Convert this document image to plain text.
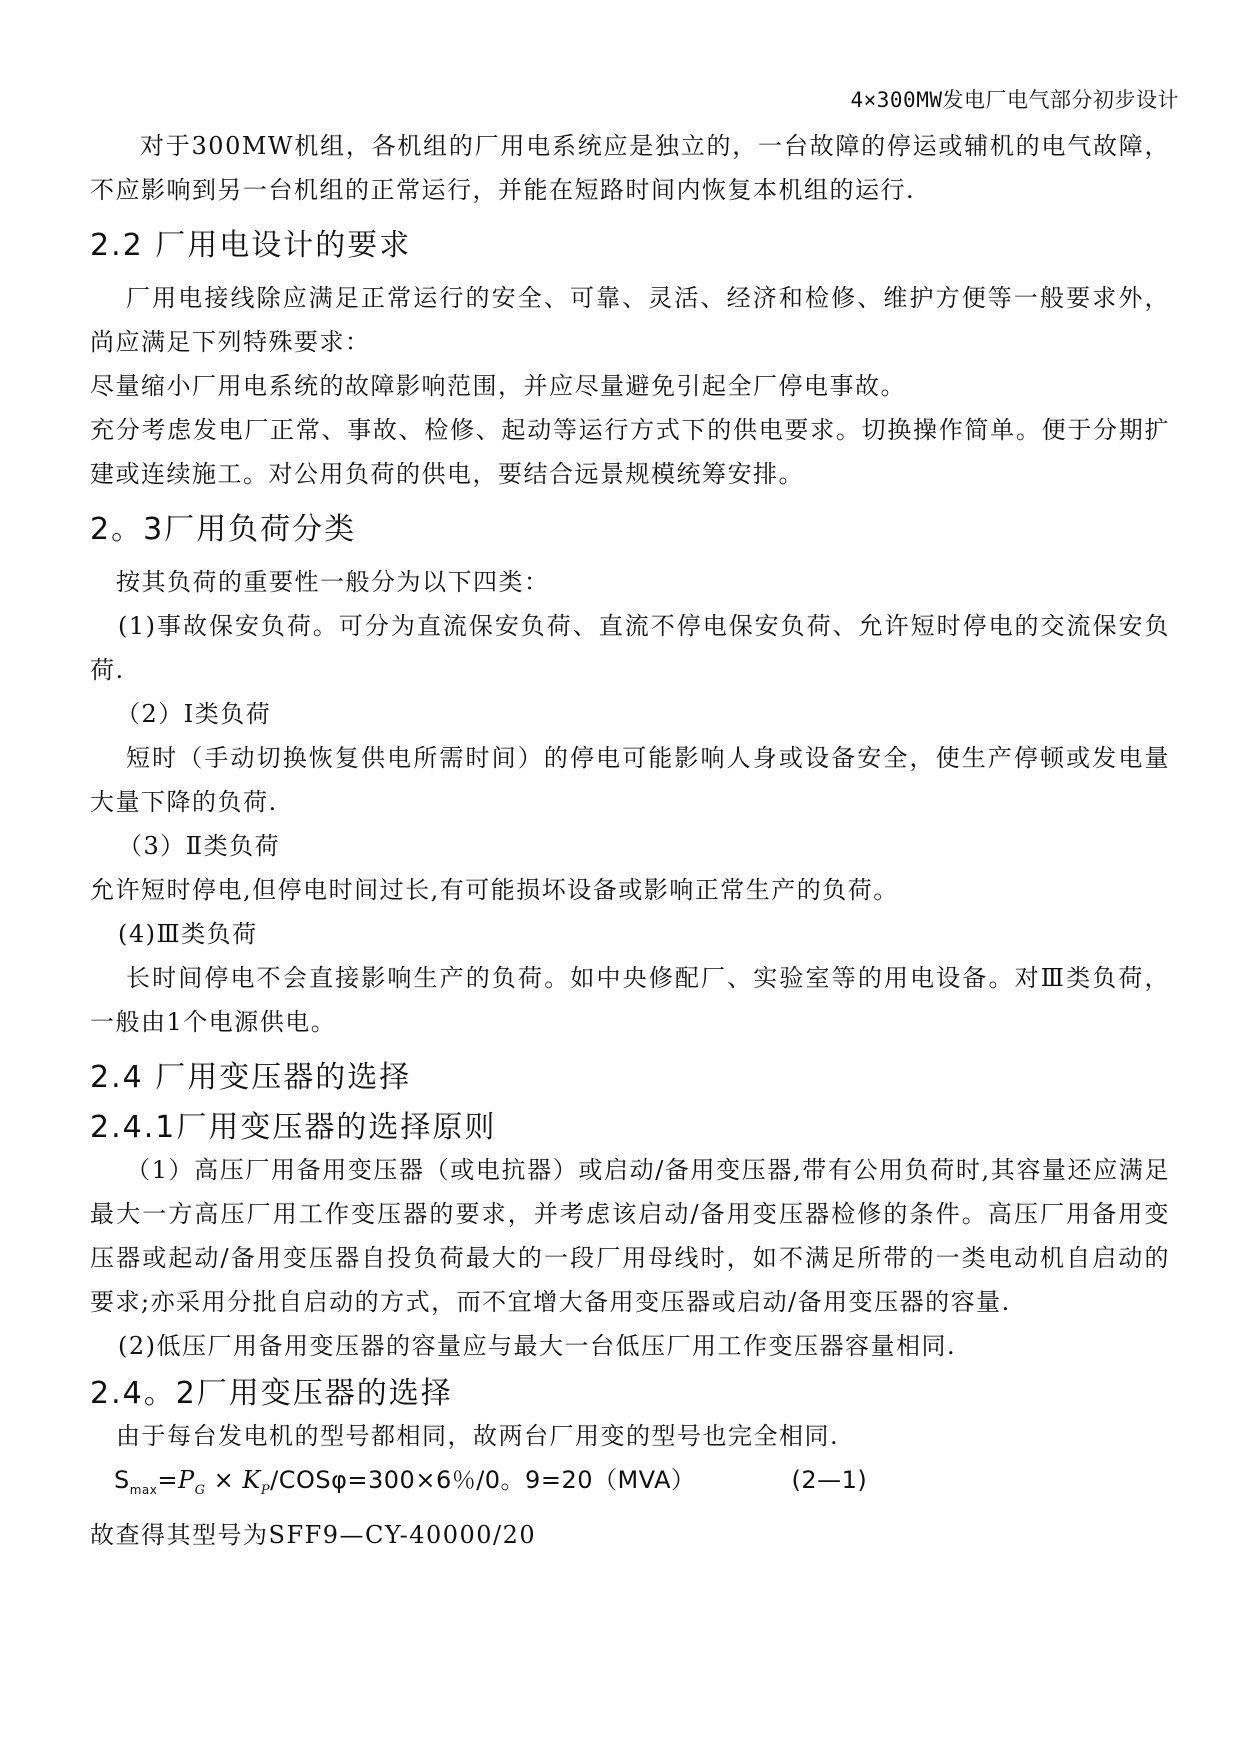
4×300MW发电厂电气部分初步设计

对于300MW机组，各机组的厂用电系统应是独立的，一台故障的停运或辅机的电气故障，不应影响到另一台机组的正常运行，并能在短路时间内恢复本机组的运行.

2.2 厂用电设计的要求

厂用电接线除应满足正常运行的安全、可靠、灵活、经济和检修、维护方便等一般要求外，尚应满足下列特殊要求：

尽量缩小厂用电系统的故障影响范围，并应尽量避免引起全厂停电事故。

充分考虑发电厂正常、事故、检修、起动等运行方式下的供电要求。切换操作简单。便于分期扩建或连续施工。对公用负荷的供电，要结合远景规模统筹安排。

2。3厂用负荷分类

按其负荷的重要性一般分为以下四类：

(1)事故保安负荷。可分为直流保安负荷、直流不停电保安负荷、允许短时停电的交流保安负荷.

（2）Ⅰ类负荷

短时（手动切换恢复供电所需时间）的停电可能影响人身或设备安全，使生产停顿或发电量大量下降的负荷.

（3）Ⅱ类负荷

允许短时停电,但停电时间过长,有可能损坏设备或影响正常生产的负荷。

(4)Ⅲ类负荷

长时间停电不会直接影响生产的负荷。如中央修配厂、实验室等的用电设备。对Ⅲ类负荷，一般由1个电源供电。

2.4 厂用变压器的选择
2.4.1厂用变压器的选择原则

（1）高压厂用备用变压器（或电抗器）或启动/备用变压器,带有公用负荷时,其容量还应满足最大一方高压厂用工作变压器的要求，并考虑该启动/备用变压器检修的条件。高压厂用备用变压器或起动/备用变压器自投负荷最大的一段厂用母线时，如不满足所带的一类电动机自启动的要求;亦采用分批自启动的方式，而不宜增大备用变压器或启动/备用变压器的容量.

(2)低压厂用备用变压器的容量应与最大一台低压厂用工作变压器容量相同.

2.4。2厂用变压器的选择

由于每台发电机的型号都相同，故两台厂用变的型号也完全相同.

$S_{max}=P_G \times K_P/COS\varphi=300\times 6$％/0。9=20（MVA）	(2—1)

故查得其型号为SFF9—CY-40000/20
